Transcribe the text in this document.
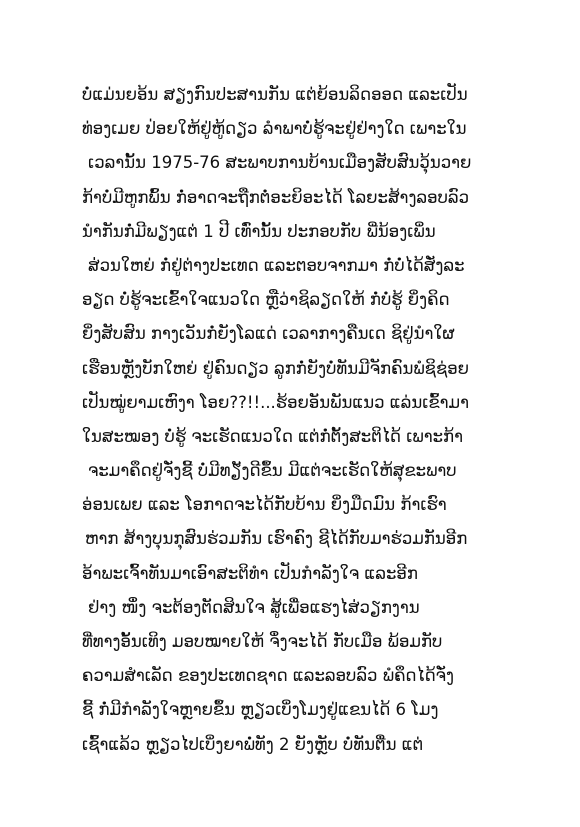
ບໍ່ແມ່ນຍອ້ນ ສຽງກົນປະສານກັນ ແຕ່ຍ້ອນລິດອອດ ແລະເປັນ
ທ່ອງເມຍ ປ່ອຍໃຫ້ຢູ່ຫູ້ດຽວ ລຳພາບໍ່ຮູ້ຈະຢູ່ຢ່າງໃດ ເພາະໃນ
ເວລານັ້ນ 1975-76 ສະພາບການບ້ານເມືອງສັບສົນວຸ້ນວາຍ
ກ້າບໍ່ມີຫູກພົ້ນ ກໍ່ອາດຈະຖືກຕໍ່ອະຍິອະໄດ້ ໂລຍະສ້າງລອບລົວ
ນຳກັນກໍ່ມີພຽງແຕ່ 1 ປີ ເທົ່ານັ້ນ ປະກອບກັບ ພີ່ນ້ອງເພິ່ນ
ສ່ວນໃຫຍ່ ກໍ່ຢູ່ຕ່າງປະເທດ ແລະຕອບຈາກມາ ກໍ່ບໍ່ໄດ້ສັ່ງລະ
ອຽດ ບໍ່ຮູ້ຈະເຂົ້າໃຈແນວໃດ ຫຼືວ່າຊິລຽດໃຫ້ ກໍ່ບໍ່ຮູ້ ຍິ່ງຄິດ
ຍິ່ງສັບສົນ ກາງເວັນກໍ່ຍັງໂລແດ່ ເວລາກາງຄືນເດ ຊິຢູ່ນຳໃຜ
ເຮືອນຫຼັງບັກໃຫຍ່ ຢູ່ຄົນດຽວ ລູກກໍ່ຍັງບໍ່ທັນມີຈັກຄົນພໍຊິຊ່ອຍ
ເປັນໝູ່ຍາມເຫົງາ ໂອຍ??!!...ຮ້ອຍອັນພັນແນວ ແລ່ນເຂົ້າມາ
ໃນສະໝອງ ບໍ່ຮູ້ ຈະເຮັດແນວໃດ ແຕ່ກໍ່ຕັ້ງສະຕິໄດ້ ເພາະກ້າ
ຈະມາຄຶດຢູ່ຈັ່ງຊີ້ ບໍ່ມີທຽັງດີຂຶ້ນ ມີແຕ່ຈະເຮັດໃຫ້ສຸຂະພາບ
ອ່ອນເພຍ ແລະ ໂອກາດຈະໄດ້ກັບບ້ານ ຍິ່ງມືດມົນ ກ້າເຮົາ
ຫາກ ສ້າງບຸນກຸສົນຮ່ວມກັນ ເຮົາຄົງ ຊີໄດ້ກັບມາຮ່ວມກັນອີກ
ອ້າພະເຈົ້າທັນມາເອົາສະຕິທຳ ເປັນກຳລັງໃຈ ແລະອີກ
ຢ່າງ ໜຶ່ງ ຈະຕ້ອງຕັດສິນໃຈ ສູ້ເພື່ອແຮງໄສ່ວຽກງານ
ທີ່ທາງອັ້ນເທິງ ມອບໝາຍໃຫ້ ຈຶ່ງຈະໄດ້ ກັບເມືອ ພ້ອມກັບ
ຄວາມສຳເລັດ ຂອງປະເທດຊາດ ແລະລອບລົວ ພໍຄຶດໄດ້ຈັ່ງ
ຊີ້ ກໍ່ມີກຳລັງໃຈຫຼາຍຂຶ້ນ ຫຼຽວເບິ່ງໂມງຢູ່ແຂນໄດ້ 6 ໂມງ
ເຊົ້າແລ້ວ ຫຼຽວໄປເບິ່ງຍາພໍ່ທັງ 2 ຍັງຫຼັບ ບໍ່ທັນຕື່ນ ແຕ່
